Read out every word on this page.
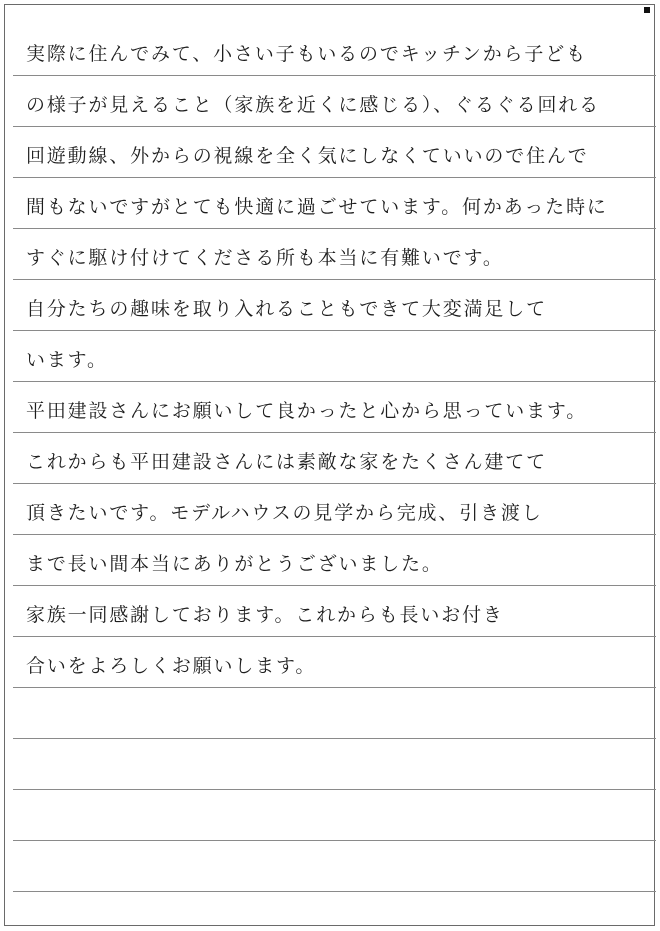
実際に住んでみて、小さい子もいるのでキッチンから子ども
の様子が見えること（家族を近くに感じる）、ぐるぐる回れる
回遊動線、外からの視線を全く気にしなくていいので住んで
間もないですがとても快適に過ごせています。何かあった時に
すぐに駆け付けてくださる所も本当に有難いです。
自分たちの趣味を取り入れることもできて大変満足して
います。
平田建設さんにお願いして良かったと心から思っています。
これからも平田建設さんには素敵な家をたくさん建てて
頂きたいです。モデルハウスの見学から完成、引き渡し
まで長い間本当にありがとうございました。
家族一同感謝しております。これからも長いお付き
合いをよろしくお願いします。
